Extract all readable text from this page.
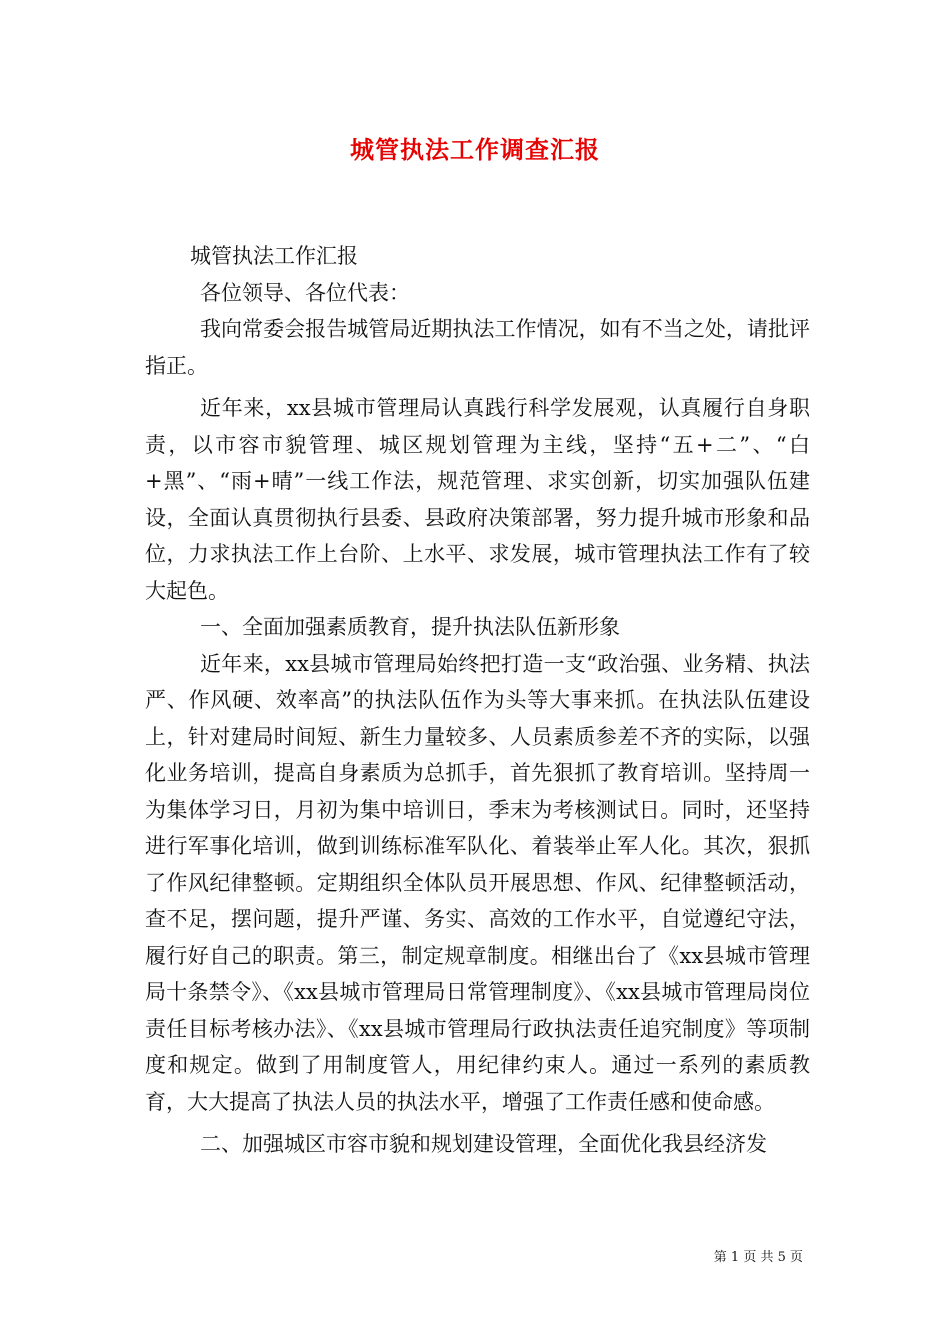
城管执法工作调查汇报

城管执法工作汇报

各位领导、各位代表：

我向常委会报告城管局近期执法工作情况，如有不当之处，请批评指正。

近年来，xx县城市管理局认真践行科学发展观，认真履行自身职责，以市容市貌管理、城区规划管理为主线，坚持“五+二”、“白+黑”、“雨+晴”一线工作法，规范管理、求实创新，切实加强队伍建设，全面认真贯彻执行县委、县政府决策部署，努力提升城市形象和品位，力求执法工作上台阶、上水平、求发展，城市管理执法工作有了较大起色。

一、全面加强素质教育，提升执法队伍新形象

近年来，xx县城市管理局始终把打造一支“政治强、业务精、执法严、作风硬、效率高”的执法队伍作为头等大事来抓。在执法队伍建设上，针对建局时间短、新生力量较多、人员素质参差不齐的实际，以强化业务培训，提高自身素质为总抓手，首先狠抓了教育培训。坚持周一为集体学习日，月初为集中培训日，季末为考核测试日。同时，还坚持进行军事化培训，做到训练标准军队化、着装举止军人化。其次，狠抓了作风纪律整顿。定期组织全体队员开展思想、作风、纪律整顿活动，查不足，摆问题，提升严谨、务实、高效的工作水平，自觉遵纪守法，履行好自己的职责。第三，制定规章制度。相继出台了《xx县城市管理局十条禁令》、《xx县城市管理局日常管理制度》、《xx县城市管理局岗位责任目标考核办法》、《xx县城市管理局行政执法责任追究制度》等项制度和规定。做到了用制度管人，用纪律约束人。通过一系列的素质教育，大大提高了执法人员的执法水平，增强了工作责任感和使命感。

二、加强城区市容市貌和规划建设管理，全面优化我县经济发

第 1 页 共 5 页
